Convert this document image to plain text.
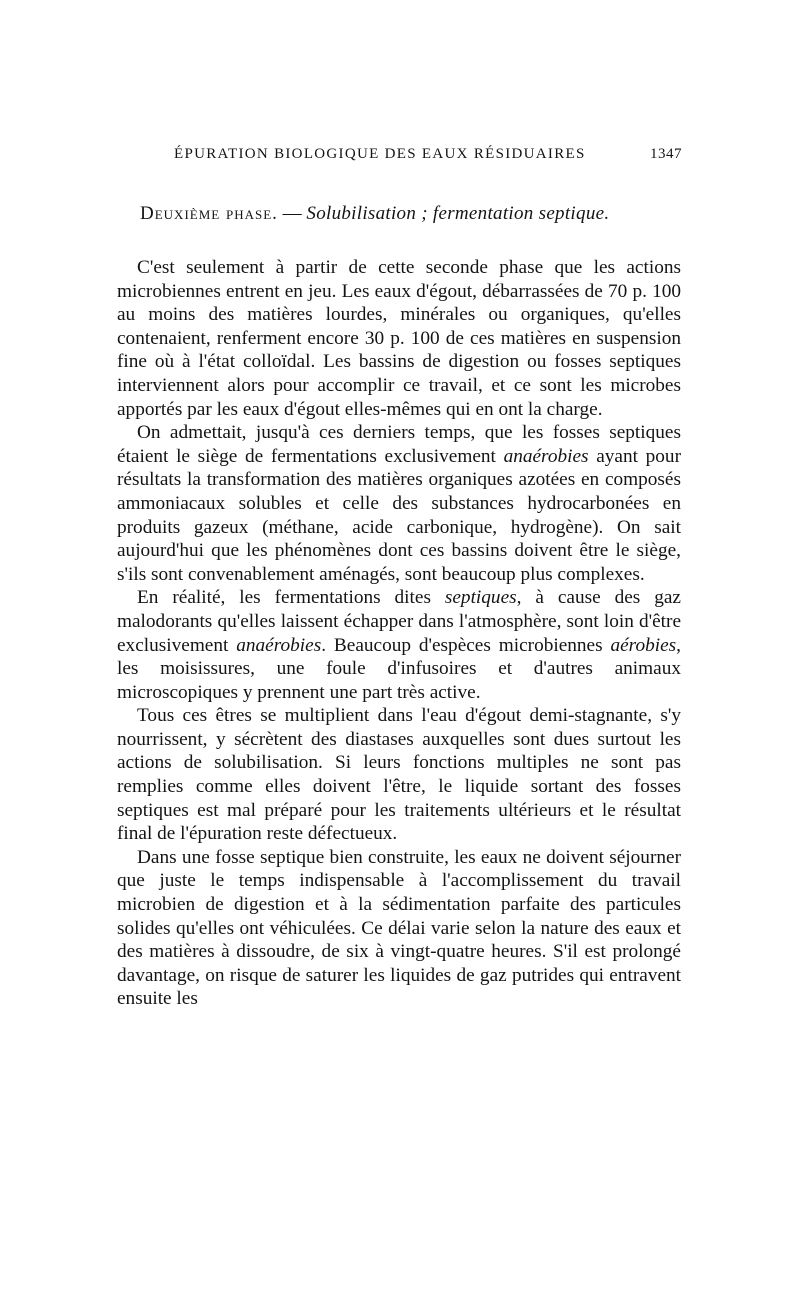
ÉPURATION BIOLOGIQUE DES EAUX RÉSIDUAIRES	1347
Deuxième phase. — Solubilisation ; fermentation septique.

C'est seulement à partir de cette seconde phase que les actions microbiennes entrent en jeu. Les eaux d'égout, débarrassées de 70 p. 100 au moins des matières lourdes, minérales ou organiques, qu'elles contenaient, renferment encore 30 p. 100 de ces matières en suspension fine où à l'état colloïdal. Les bassins de digestion ou fosses septiques interviennent alors pour accomplir ce travail, et ce sont les microbes apportés par les eaux d'égout elles-mêmes qui en ont la charge.

On admettait, jusqu'à ces derniers temps, que les fosses septiques étaient le siège de fermentations exclusivement anaérobies ayant pour résultats la transformation des matières organiques azotées en composés ammoniacaux solubles et celle des substances hydrocarbonées en produits gazeux (méthane, acide carbonique, hydrogène). On sait aujourd'hui que les phénomènes dont ces bassins doivent être le siège, s'ils sont convenablement aménagés, sont beaucoup plus complexes.

En réalité, les fermentations dites septiques, à cause des gaz malodorants qu'elles laissent échapper dans l'atmosphère, sont loin d'être exclusivement anaérobies. Beaucoup d'espèces microbiennes aérobies, les moisissures, une foule d'infusoires et d'autres animaux microscopiques y prennent une part très active.

Tous ces êtres se multiplient dans l'eau d'égout demi-stagnante, s'y nourrissent, y sécrètent des diastases auxquelles sont dues surtout les actions de solubilisation. Si leurs fonctions multiples ne sont pas remplies comme elles doivent l'être, le liquide sortant des fosses septiques est mal préparé pour les traitements ultérieurs et le résultat final de l'épuration reste défectueux.

Dans une fosse septique bien construite, les eaux ne doivent séjourner que juste le temps indispensable à l'accomplissement du travail microbien de digestion et à la sédimentation parfaite des particules solides qu'elles ont véhiculées. Ce délai varie selon la nature des eaux et des matières à dissoudre, de six à vingt-quatre heures. S'il est prolongé davantage, on risque de saturer les liquides de gaz putrides qui entravent ensuite les
